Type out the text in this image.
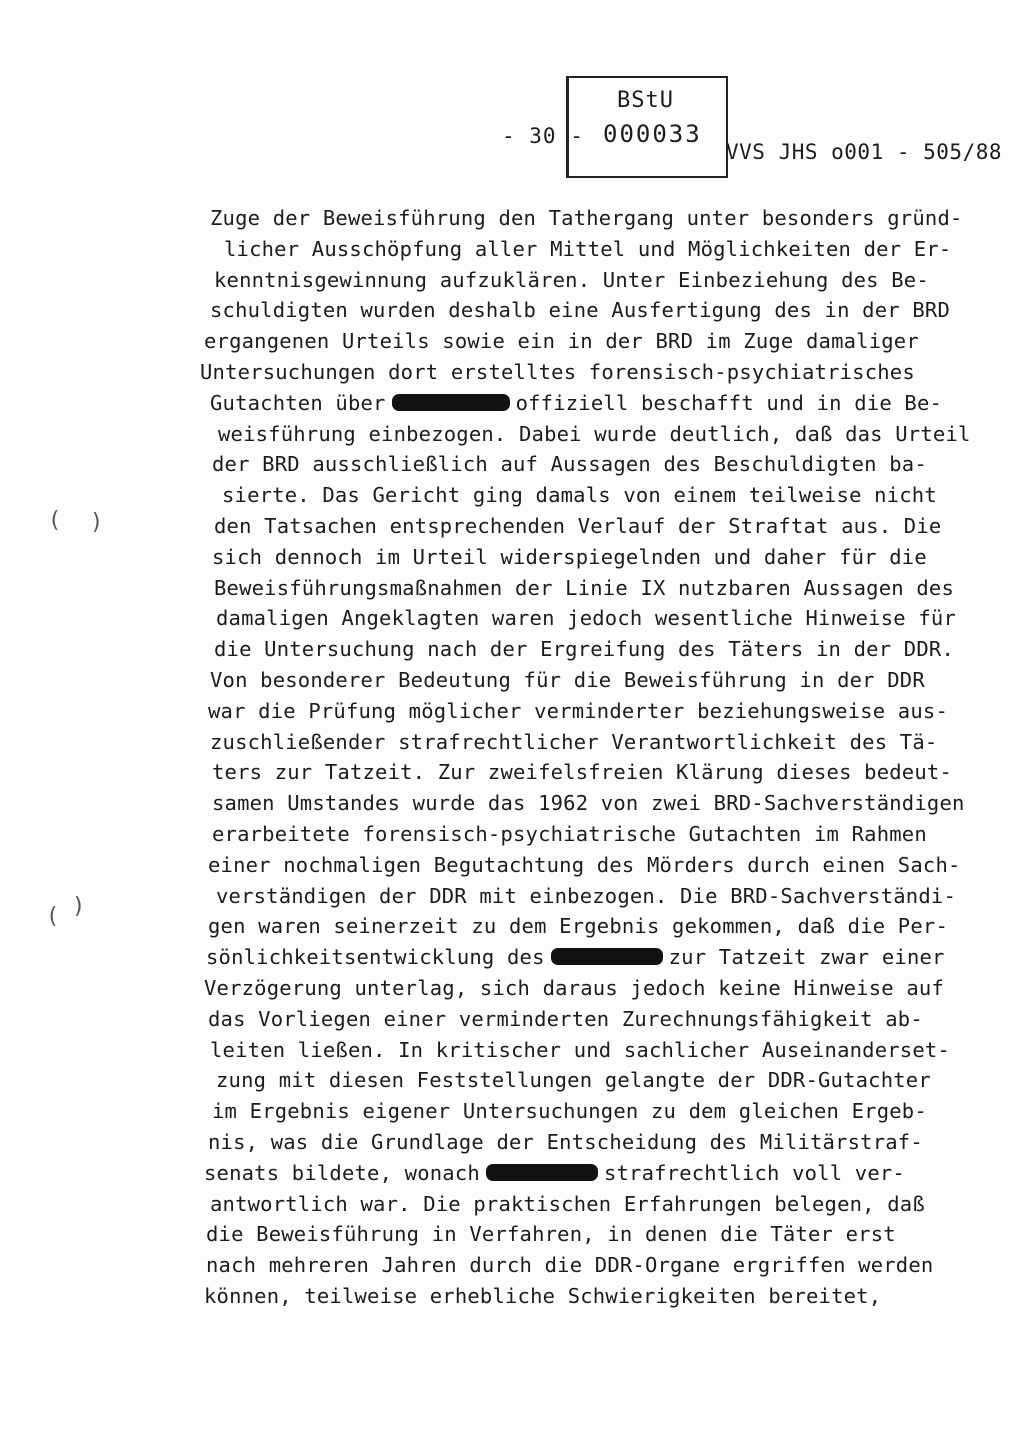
- 30 -
BStU
000033
VVS JHS o001 - 505/88
Zuge der Beweisführung den Tathergang unter besonders gründ-
licher Ausschöpfung aller Mittel und Möglichkeiten der Er-
kenntnisgewinnung aufzuklären. Unter Einbeziehung des Be-
schuldigten wurden deshalb eine Ausfertigung des in der BRD
ergangenen Urteils sowie ein in der BRD im Zuge damaliger
Untersuchungen dort erstelltes forensisch-psychiatrisches
Gutachten über	offiziell beschafft und in die Be-
weisführung einbezogen. Dabei wurde deutlich, daß das Urteil
der BRD ausschließlich auf Aussagen des Beschuldigten ba-
sierte. Das Gericht ging damals von einem teilweise nicht
den Tatsachen entsprechenden Verlauf der Straftat aus. Die
sich dennoch im Urteil widerspiegelnden und daher für die
Beweisführungsmaßnahmen der Linie IX nutzbaren Aussagen des
damaligen Angeklagten waren jedoch wesentliche Hinweise für
die Untersuchung nach der Ergreifung des Täters in der DDR.
Von besonderer Bedeutung für die Beweisführung in der DDR
war die Prüfung möglicher verminderter beziehungsweise aus-
zuschließender strafrechtlicher Verantwortlichkeit des Tä-
ters zur Tatzeit. Zur zweifelsfreien Klärung dieses bedeut-
samen Umstandes wurde das 1962 von zwei BRD-Sachverständigen
erarbeitete forensisch-psychiatrische Gutachten im Rahmen
einer nochmaligen Begutachtung des Mörders durch einen Sach-
verständigen der DDR mit einbezogen. Die BRD-Sachverständi-
gen waren seinerzeit zu dem Ergebnis gekommen, daß die Per-
sönlichkeitsentwicklung des	zur Tatzeit zwar einer
Verzögerung unterlag, sich daraus jedoch keine Hinweise auf
das Vorliegen einer verminderten Zurechnungsfähigkeit ab-
leiten ließen. In kritischer und sachlicher Auseinanderset-
zung mit diesen Feststellungen gelangte der DDR-Gutachter
im Ergebnis eigener Untersuchungen zu dem gleichen Ergeb-
nis, was die Grundlage der Entscheidung des Militärstraf-
senats bildete, wonach	strafrechtlich voll ver-
antwortlich war. Die praktischen Erfahrungen belegen, daß
die Beweisführung in Verfahren, in denen die Täter erst
nach mehreren Jahren durch die DDR-Organe ergriffen werden
können, teilweise erhebliche Schwierigkeiten bereitet,
( )
( )
